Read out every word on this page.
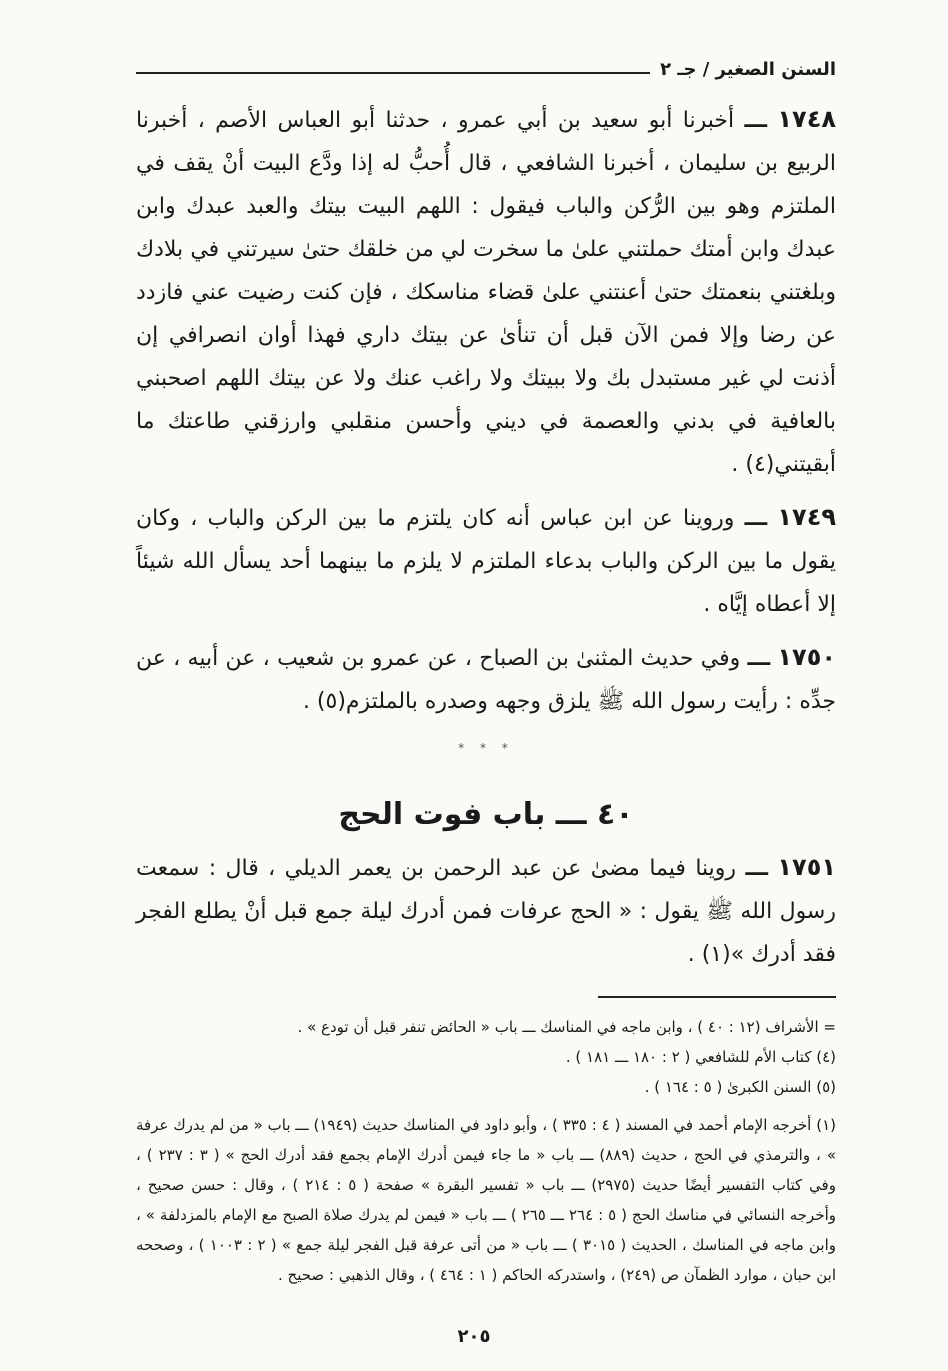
السنن الصغير / جـ ٢

١٧٤٨ ـــ أخبرنا أبو سعيد بن أبي عمرو ، حدثنا أبو العباس الأصم ، أخبرنا الربيع بن سليمان ، أخبرنا الشافعي ، قال أُحبُّ له إذا ودَّع البيت أنْ يقف في الملتزم وهو بين الرُّكن والباب فيقول : اللهم البيت بيتك والعبد عبدك وابن عبدك وابن أمتك حملتني علىٰ ما سخرت لي من خلقك حتىٰ سيرتني في بلادك وبلغتني بنعمتك حتىٰ أعنتني علىٰ قضاء مناسكك ، فإن كنت رضيت عني فازدد عن رضا وإلا فمن الآن قبل أن تنأىٰ عن بيتك داري فهذا أوان انصرافي إن أذنت لي غير مستبدل بك ولا ببيتك ولا راغب عنك ولا عن بيتك اللهم اصحبني بالعافية في بدني والعصمة في ديني وأحسن منقلبي وارزقني طاعتك ما أبقيتني(٤) .

١٧٤٩ ـــ وروينا عن ابن عباس أنه كان يلتزم ما بين الركن والباب ، وكان يقول ما بين الركن والباب بدعاء الملتزم لا يلزم ما بينهما أحد يسأل الله شيئاً إلا أعطاه إيَّاه .

١٧٥٠ ـــ وفي حديث المثنىٰ بن الصباح ، عن عمرو بن شعيب ، عن أبيه ، عن جدِّه : رأيت رسول الله ﷺ يلزق وجهه وصدره بالملتزم(٥) .

* * *
٤٠ ـــ باب فوت الحج

١٧٥١ ـــ روينا فيما مضىٰ عن عبد الرحمن بن يعمر الديلي ، قال : سمعت رسول الله ﷺ يقول : « الحج عرفات فمن أدرك ليلة جمع قبل أنْ يطلع الفجر فقد أدرك »(١) .

= الأشراف (١٢ : ٤٠ ) ، وابن ماجه في المناسك ـــ باب « الحائض تنفر قبل أن تودع » .

(٤) كتاب الأم للشافعي ( ٢ : ١٨٠ ـــ ١٨١ ) .

(٥) السنن الكبرىٰ ( ٥ : ١٦٤ ) .

(١) أخرجه الإمام أحمد في المسند ( ٤ : ٣٣٥ ) ، وأبو داود في المناسك حديث (١٩٤٩) ـــ باب « من لم يدرك عرفة » ، والترمذي في الحج ، حديث (٨٨٩) ـــ باب « ما جاء فيمن أدرك الإمام بجمع فقد أدرك الحج » ( ٣ : ٢٣٧ ) ، وفي كتاب التفسير أيضًا حديث (٢٩٧٥) ـــ باب « تفسير البقرة » صفحة ( ٥ : ٢١٤ ) ، وقال : حسن صحيح ، وأخرجه النسائي في مناسك الحج ( ٥ : ٢٦٤ ـــ ٢٦٥ ) ـــ باب « فيمن لم يدرك صلاة الصبح مع الإمام بالمزدلفة » ، وابن ماجه في المناسك ، الحديث ( ٣٠١٥ ) ـــ باب « من أتى عرفة قبل الفجر ليلة جمع » ( ٢ : ١٠٠٣ ) ، وصححه ابن حبان ، موارد الظمآن ص (٢٤٩) ، واستدركه الحاكم ( ١ : ٤٦٤ ) ، وقال الذهبي : صحيح .

٢٠٥
